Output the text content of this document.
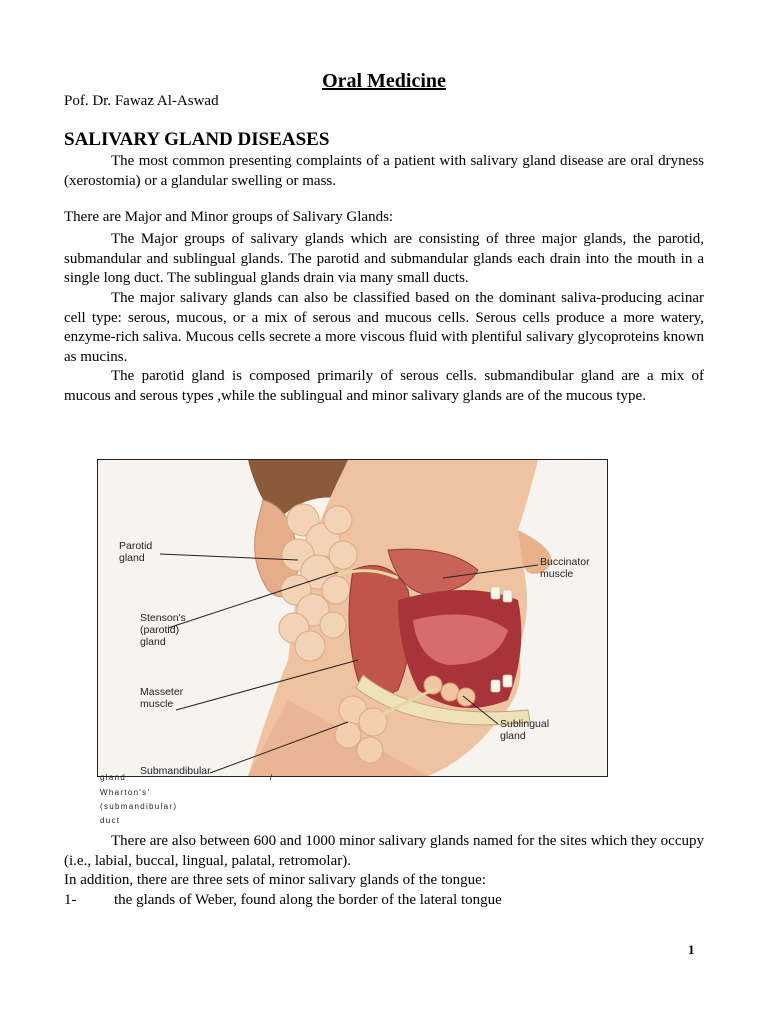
Oral Medicine
Pof. Dr. Fawaz Al-Aswad
SALIVARY GLAND DISEASES

The most common presenting complaints of a patient with salivary gland disease are oral dryness (xerostomia) or a glandular swelling or mass.

There are Major and Minor groups of Salivary Glands:

The Major groups of salivary glands which are consisting of three major glands, the parotid, submandular and sublingual glands. The parotid and submandular glands each drain into the mouth in a single long duct. The sublingual glands drain via many small ducts.

The major salivary glands can also be classified based on the dominant saliva-producing acinar cell type: serous, mucous, or a mix of serous and mucous cells. Serous cells produce a more watery, enzyme-rich saliva. Mucous cells secrete a more viscous fluid with plentiful salivary glycoproteins known as mucins.

The parotid gland is composed primarily of serous cells. submandibular gland are a mix of mucous and serous types ,while the sublingual and minor salivary glands are of the mucous type.

Parotid
gland
Stenson's
(parotid)
gland
Masseter
muscle
Submandibular
Buccinator
muscle
Sublingual
gland
gland
Wharton's'
(submandibular)
duct
/

There are also between 600 and 1000 minor salivary glands named for the sites which they occupy (i.e., labial, buccal, lingual, palatal, retromolar).

In addition, there are three sets of minor salivary glands of the tongue:

1-	the glands of Weber, found along the border of the lateral tongue
1
